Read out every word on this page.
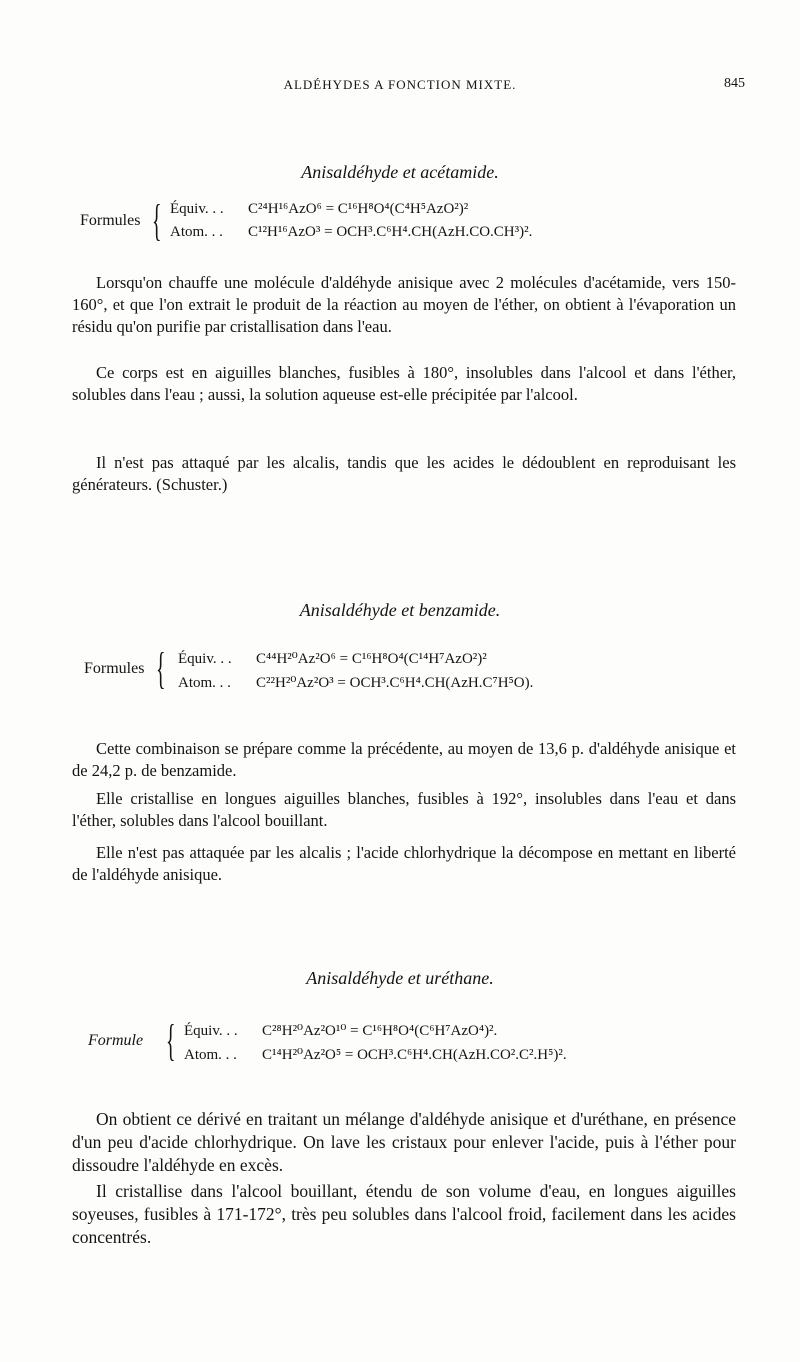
ALDÉHYDES A FONCTION MIXTE.	845
Anisaldéhyde et acétamide.
Formules { Équiv. . . C²⁴H¹⁶AzO⁶ = C¹⁶H⁸O⁴(C⁴H⁵AzO²)²
Atom. . . C¹²H¹⁶AzO³ = OCH³.C⁶H⁴.CH(AzH.CO.CH³)².

Lorsqu'on chauffe une molécule d'aldéhyde anisique avec 2 molécules d'acétamide, vers 150-160°, et que l'on extrait le produit de la réaction au moyen de l'éther, on obtient à l'évaporation un résidu qu'on purifie par cristallisation dans l'eau.

Ce corps est en aiguilles blanches, fusibles à 180°, insolubles dans l'alcool et dans l'éther, solubles dans l'eau ; aussi, la solution aqueuse est-elle précipitée par l'alcool.

Il n'est pas attaqué par les alcalis, tandis que les acides le dédoublent en reproduisant les générateurs. (Schuster.)

Anisaldéhyde et benzamide.
Formules { Équiv. . . C⁴⁴H²⁰Az²O⁶ = C¹⁶H⁸O⁴(C¹⁴H⁷AzO²)²
Atom. . . C²²H²⁰Az²O³ = OCH³.C⁶H⁴.CH(AzH.C⁷H⁵O).

Cette combinaison se prépare comme la précédente, au moyen de 13,6 p. d'aldéhyde anisique et de 24,2 p. de benzamide.

Elle cristallise en longues aiguilles blanches, fusibles à 192°, insolubles dans l'eau et dans l'éther, solubles dans l'alcool bouillant.

Elle n'est pas attaquée par les alcalis ; l'acide chlorhydrique la décompose en mettant en liberté de l'aldéhyde anisique.

Anisaldéhyde et uréthane.
Formule { Équiv. . . C²⁸H²⁰Az²O¹⁰ = C¹⁶H⁸O⁴(C⁶H⁷AzO⁴)².
Atom. . . C¹⁴H²⁰Az²O⁵ = OCH³.C⁶H⁴.CH(AzH.CO².C².H⁵)².

On obtient ce dérivé en traitant un mélange d'aldéhyde anisique et d'uréthane, en présence d'un peu d'acide chlorhydrique. On lave les cristaux pour enlever l'acide, puis à l'éther pour dissoudre l'aldéhyde en excès.

Il cristallise dans l'alcool bouillant, étendu de son volume d'eau, en longues aiguilles soyeuses, fusibles à 171-172°, très peu solubles dans l'alcool froid, facilement dans les acides concentrés.
